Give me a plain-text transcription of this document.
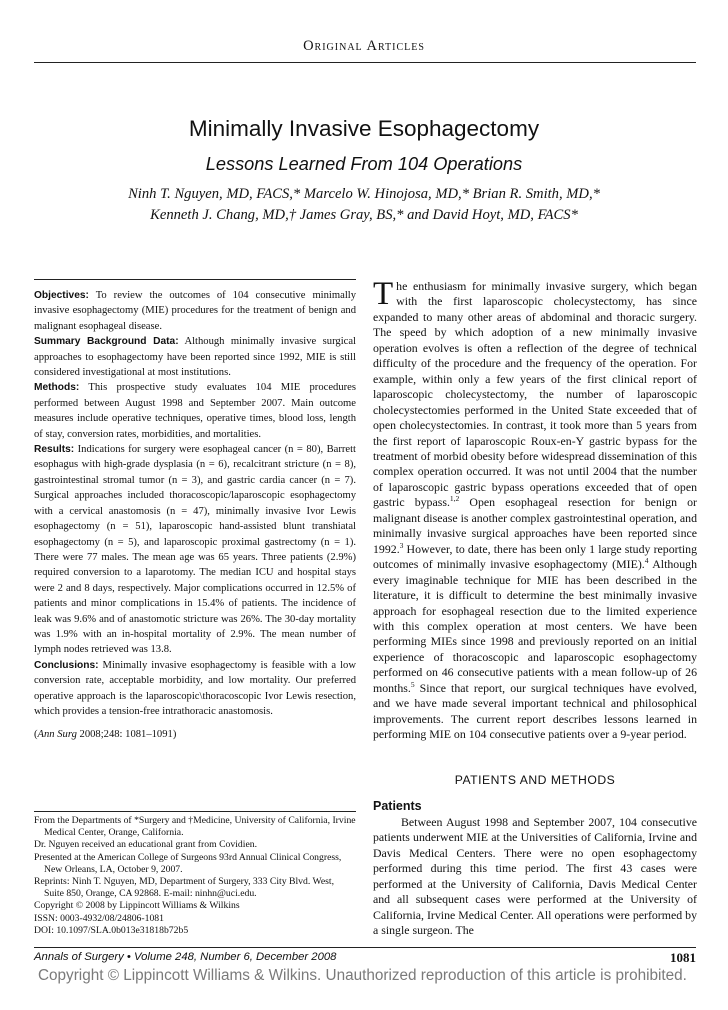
Original Articles
Minimally Invasive Esophagectomy
Lessons Learned From 104 Operations
Ninh T. Nguyen, MD, FACS,* Marcelo W. Hinojosa, MD,* Brian R. Smith, MD,*
Kenneth J. Chang, MD,† James Gray, BS,* and David Hoyt, MD, FACS*

Objectives: To review the outcomes of 104 consecutive minimally invasive esophagectomy (MIE) procedures for the treatment of benign and malignant esophageal disease.

Summary Background Data: Although minimally invasive surgical approaches to esophagectomy have been reported since 1992, MIE is still considered investigational at most institutions.

Methods: This prospective study evaluates 104 MIE procedures performed between August 1998 and September 2007. Main outcome measures include operative techniques, operative times, blood loss, length of stay, conversion rates, morbidities, and mortalities.

Results: Indications for surgery were esophageal cancer (n = 80), Barrett esophagus with high-grade dysplasia (n = 6), recalcitrant stricture (n = 8), gastrointestinal stromal tumor (n = 3), and gastric cardia cancer (n = 7). Surgical approaches included thoracoscopic/laparoscopic esophagectomy with a cervical anastomosis (n = 47), minimally invasive Ivor Lewis esophagectomy (n = 51), laparoscopic hand-assisted blunt transhiatal esophagectomy (n = 5), and laparoscopic proximal gastrectomy (n = 1). There were 77 males. The mean age was 65 years. Three patients (2.9%) required conversion to a laparotomy. The median ICU and hospital stays were 2 and 8 days, respectively. Major complications occurred in 12.5% of patients and minor complications in 15.4% of patients. The incidence of leak was 9.6% and of anastomotic stricture was 26%. The 30-day mortality was 1.9% with an in-hospital mortality of 2.9%. The mean number of lymph nodes retrieved was 13.8.

Conclusions: Minimally invasive esophagectomy is feasible with a low conversion rate, acceptable morbidity, and low mortality. Our preferred operative approach is the laparoscopic\thoracoscopic Ivor Lewis resection, which provides a tension-free intrathoracic anastomosis.

(Ann Surg 2008;248: 1081–1091)

From the Departments of *Surgery and †Medicine, University of California, Irvine Medical Center, Orange, California.
Dr. Nguyen received an educational grant from Covidien.
Presented at the American College of Surgeons 93rd Annual Clinical Congress, New Orleans, LA, October 9, 2007.
Reprints: Ninh T. Nguyen, MD, Department of Surgery, 333 City Blvd. West, Suite 850, Orange, CA 92868. E-mail: ninhn@uci.edu.
Copyright © 2008 by Lippincott Williams & Wilkins
ISSN: 0003-4932/08/24806-1081
DOI: 10.1097/SLA.0b013e31818b72b5

The enthusiasm for minimally invasive surgery, which began with the first laparoscopic cholecystectomy, has since expanded to many other areas of abdominal and thoracic surgery. The speed by which adoption of a new minimally invasive operation evolves is often a reflection of the degree of technical difficulty of the procedure and the frequency of the operation. For example, within only a few years of the first clinical report of laparoscopic cholecystectomy, the number of laparoscopic cholecystectomies performed in the United State exceeded that of open cholecystectomies. In contrast, it took more than 5 years from the first report of laparoscopic Roux-en-Y gastric bypass for the treatment of morbid obesity before widespread dissemination of this complex operation occurred. It was not until 2004 that the number of laparoscopic gastric bypass operations exceeded that of open gastric bypass.$^{1,2}$ Open esophageal resection for benign or malignant disease is another complex gastrointestinal operation, and minimally invasive surgical approaches have been reported since 1992.$^3$ However, to date, there has been only 1 large study reporting outcomes of minimally invasive esophagectomy (MIE).$^4$ Although every imaginable technique for MIE has been described in the literature, it is difficult to determine the best minimally invasive approach for esophageal resection due to the limited experience with this complex operation at most centers. We have been performing MIEs since 1998 and previously reported on an initial experience of thoracoscopic and laparoscopic esophagectomy performed on 46 consecutive patients with a mean follow-up of 26 months.$^5$ Since that report, our surgical techniques have evolved, and we have made several important technical and philosophical improvements. The current report describes lessons learned in performing MIE on 104 consecutive patients over a 9-year period.

PATIENTS AND METHODS
Patients

Between August 1998 and September 2007, 104 consecutive patients underwent MIE at the Universities of California, Irvine and Davis Medical Centers. There were no open esophagectomy performed during this time period. The first 43 cases were performed at the University of California, Davis Medical Center and all subsequent cases were performed at the University of California, Irvine Medical Center. All operations were performed by a single surgeon. The

Annals of Surgery • Volume 248, Number 6, December 2008	1081
Copyright © Lippincott Williams & Wilkins. Unauthorized reproduction of this article is prohibited.
